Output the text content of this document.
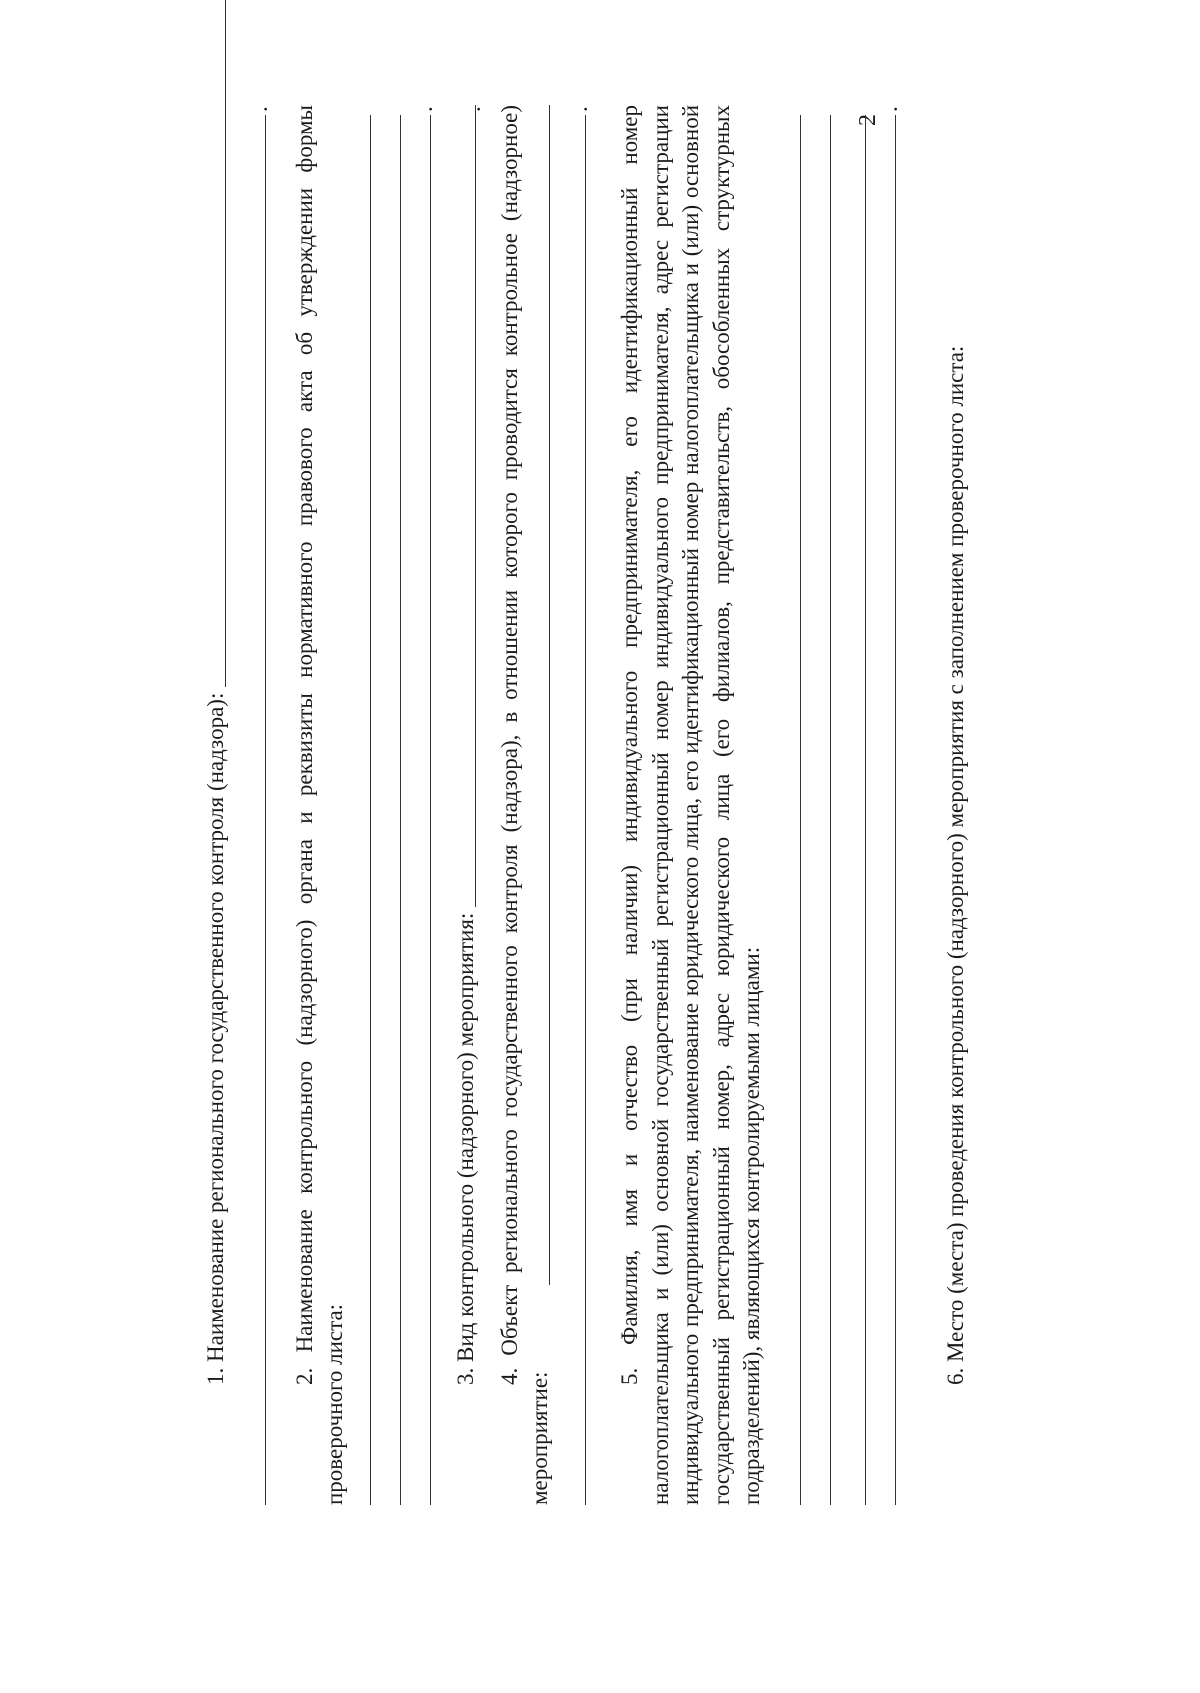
2
1. Наименование регионального государственного контроля (надзора):
. 2. Наименование контрольного (надзорного) органа и реквизиты нормативного правового акта об утверждении формы проверочного листа:
.
3. Вид контрольного (надзорного) мероприятия:
. 4. Объект регионального государственного контроля (надзора), в отношении которого проводится контрольное (надзорное) мероприятие:
. 5. Фамилия, имя и отчество (при наличии) индивидуального предпринимателя, его идентификационный номер налогоплательщика и (или) основной государственный регистрационный номер индивидуального предпринимателя, адрес регистрации индивидуального предпринимателя, наименование юридического лица, его идентификационный номер налогоплательщика и (или) основной государственный регистрационный номер, адрес юридического лица (его филиалов, представительств, обособленных структурных подразделений), являющихся контролируемыми лицами:
.
6. Место (места) проведения контрольного (надзорного) мероприятия с заполнением проверочного листа:
